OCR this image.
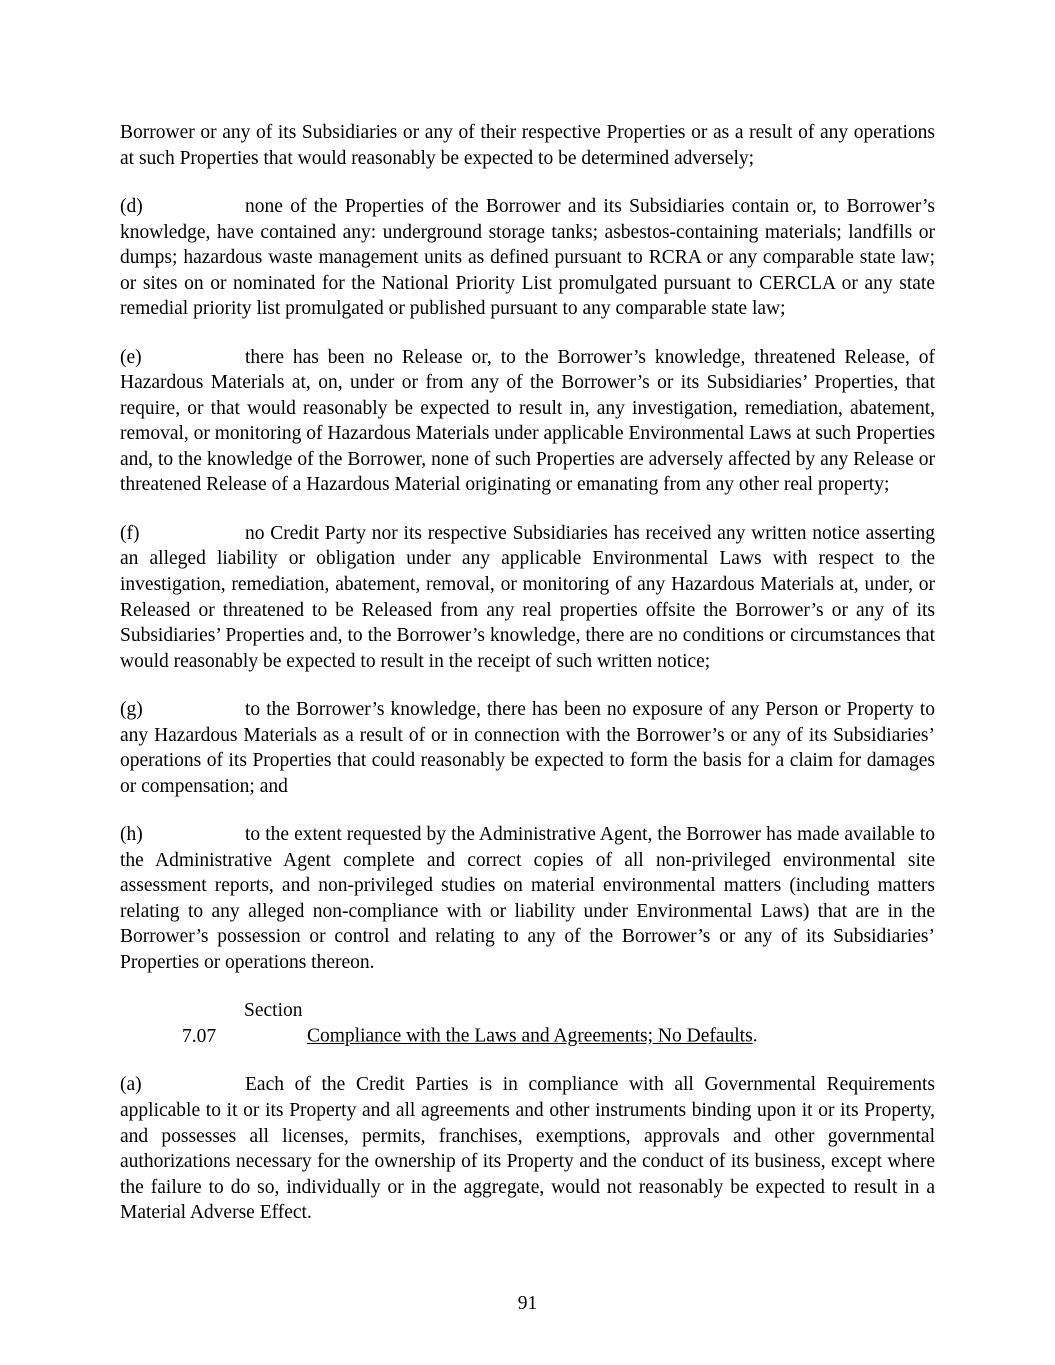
Borrower or any of its Subsidiaries or any of their respective Properties or as a result of any operations at such Properties that would reasonably be expected to be determined adversely;

(d)	none of the Properties of the Borrower and its Subsidiaries contain or, to Borrower’s knowledge, have contained any: underground storage tanks; asbestos-containing materials; landfills or dumps; hazardous waste management units as defined pursuant to RCRA or any comparable state law; or sites on or nominated for the National Priority List promulgated pursuant to CERCLA or any state remedial priority list promulgated or published pursuant to any comparable state law;

(e)	there has been no Release or, to the Borrower’s knowledge, threatened Release, of Hazardous Materials at, on, under or from any of the Borrower’s or its Subsidiaries’ Properties, that require, or that would reasonably be expected to result in, any investigation, remediation, abatement, removal, or monitoring of Hazardous Materials under applicable Environmental Laws at such Properties and, to the knowledge of the Borrower, none of such Properties are adversely affected by any Release or threatened Release of a Hazardous Material originating or emanating from any other real property;

(f)	no Credit Party nor its respective Subsidiaries has received any written notice asserting an alleged liability or obligation under any applicable Environmental Laws with respect to the investigation, remediation, abatement, removal, or monitoring of any Hazardous Materials at, under, or Released or threatened to be Released from any real properties offsite the Borrower’s or any of its Subsidiaries’ Properties and, to the Borrower’s knowledge, there are no conditions or circumstances that would reasonably be expected to result in the receipt of such written notice;

(g)	to the Borrower’s knowledge, there has been no exposure of any Person or Property to any Hazardous Materials as a result of or in connection with the Borrower’s or any of its Subsidiaries’ operations of its Properties that could reasonably be expected to form the basis for a claim for damages or compensation; and

(h)	to the extent requested by the Administrative Agent, the Borrower has made available to the Administrative Agent complete and correct copies of all non-privileged environmental site assessment reports, and non-privileged studies on material environmental matters (including matters relating to any alleged non-compliance with or liability under Environmental Laws) that are in the Borrower’s possession or control and relating to any of the Borrower’s or any of its Subsidiaries’ Properties or operations thereon.

Section 7.07	Compliance with the Laws and Agreements; No Defaults.

(a)	Each of the Credit Parties is in compliance with all Governmental Requirements applicable to it or its Property and all agreements and other instruments binding upon it or its Property, and possesses all licenses, permits, franchises, exemptions, approvals and other governmental authorizations necessary for the ownership of its Property and the conduct of its business, except where the failure to do so, individually or in the aggregate, would not reasonably be expected to result in a Material Adverse Effect.

91
